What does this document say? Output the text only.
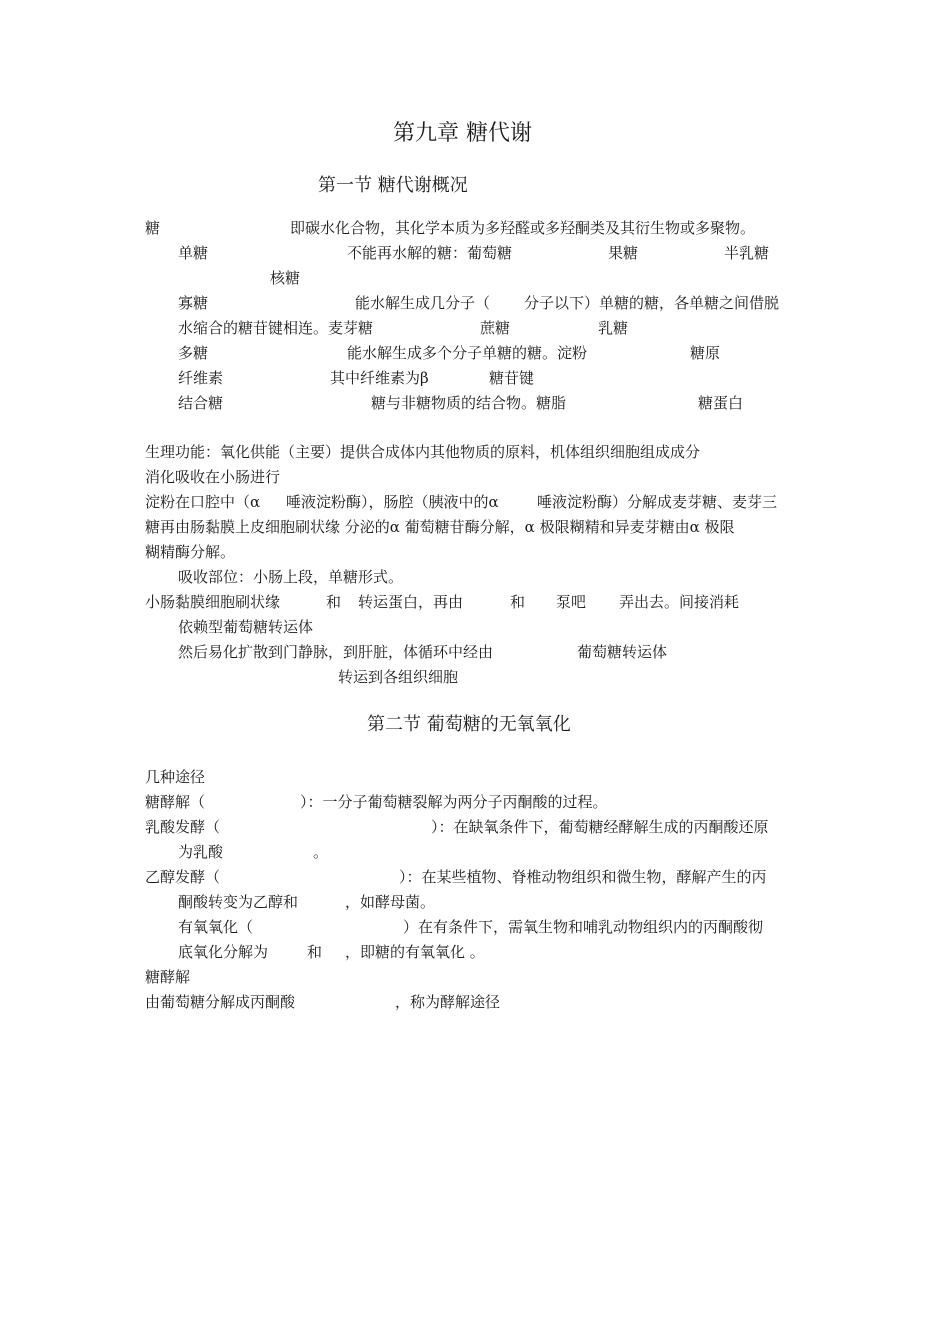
第九章 糖代谢
第一节 糖代谢概况
糖	即碳水化合物，其化学本质为多羟醛或多羟酮类及其衍生物或多聚物。
单糖	不能再水解的糖：葡萄糖	果糖	半乳糖
核糖
寡糖	能水解生成几分子（ 分子以下）单糖的糖，各单糖之间借脱
水缩合的糖苷键相连。麦芽糖	蔗糖	乳糖
多糖	能水解生成多个分子单糖的糖。淀粉	糖原
纤维素	其中纤维素为β	糖苷键
结合糖	糖与非糖物质的结合物。糖脂	糖蛋白
生理功能：氧化供能（主要）提供合成体内其他物质的原料，机体组织细胞组成成分
消化吸收在小肠进行
淀粉在口腔中（α 唾液淀粉酶），肠腔（胰液中的α	唾液淀粉酶）分解成麦芽糖、麦芽三
糖再由肠黏膜上皮细胞刷状缘 分泌的α 葡萄糖苷酶分解，α 极限糊精和异麦芽糖由α 极限
糊精酶分解。
吸收部位：小肠上段，单糖形式。
小肠黏膜细胞刷状缘	和 转运蛋白，再由	和 泵吧 弄出去。间接消耗
依赖型葡萄糖转运体
然后易化扩散到门静脉，到肝脏，体循环中经由	葡萄糖转运体
转运到各组织细胞
第二节 葡萄糖的无氧氧化
几种途径
糖酵解（	）：一分子葡萄糖裂解为两分子丙酮酸的过程。
乳酸发酵（	）：在缺氧条件下，葡萄糖经酵解生成的丙酮酸还原
为乳酸	。
乙醇发酵（	）：在某些植物、脊椎动物组织和微生物，酵解产生的丙
酮酸转变为乙醇和	，如酵母菌。
有氧氧化（	）在有条件下，需氧生物和哺乳动物组织内的丙酮酸彻
底氧化分解为	和 ，即糖的有氧氧化 。
糖酵解
由葡萄糖分解成丙酮酸	，称为酵解途径
